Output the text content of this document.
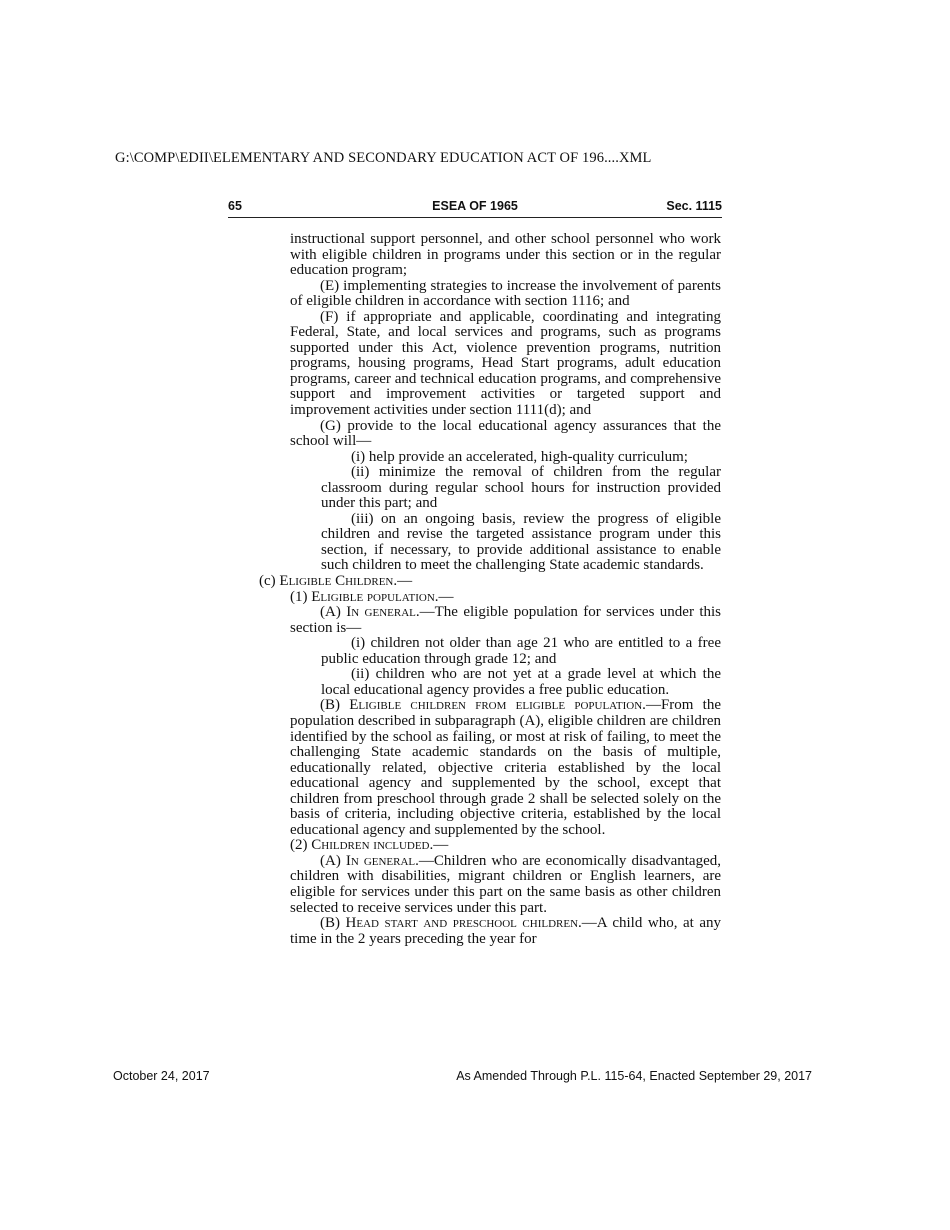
G:\COMP\EDII\ELEMENTARY AND SECONDARY EDUCATION ACT OF 196....XML
65	ESEA OF 1965	Sec. 1115

instructional support personnel, and other school personnel who work with eligible children in programs under this section or in the regular education program;

(E) implementing strategies to increase the involvement of parents of eligible children in accordance with section 1116; and

(F) if appropriate and applicable, coordinating and integrating Federal, State, and local services and programs, such as programs supported under this Act, violence prevention programs, nutrition programs, housing programs, Head Start programs, adult education programs, career and technical education programs, and comprehensive support and improvement activities or targeted support and improvement activities under section 1111(d); and

(G) provide to the local educational agency assurances that the school will—

(i) help provide an accelerated, high-quality curriculum;

(ii) minimize the removal of children from the regular classroom during regular school hours for instruction provided under this part; and

(iii) on an ongoing basis, review the progress of eligible children and revise the targeted assistance program under this section, if necessary, to provide additional assistance to enable such children to meet the challenging State academic standards.

(c) Eligible Children.—

(1) Eligible population.—

(A) In general.—The eligible population for services under this section is—

(i) children not older than age 21 who are entitled to a free public education through grade 12; and

(ii) children who are not yet at a grade level at which the local educational agency provides a free public education.

(B) Eligible children from eligible population.—From the population described in subparagraph (A), eligible children are children identified by the school as failing, or most at risk of failing, to meet the challenging State academic standards on the basis of multiple, educationally related, objective criteria established by the local educational agency and supplemented by the school, except that children from preschool through grade 2 shall be selected solely on the basis of criteria, including objective criteria, established by the local educational agency and supplemented by the school.

(2) Children included.—

(A) In general.—Children who are economically disadvantaged, children with disabilities, migrant children or English learners, are eligible for services under this part on the same basis as other children selected to receive services under this part.

(B) Head start and preschool children.—A child who, at any time in the 2 years preceding the year for

October 24, 2017	As Amended Through P.L. 115-64, Enacted September 29, 2017
